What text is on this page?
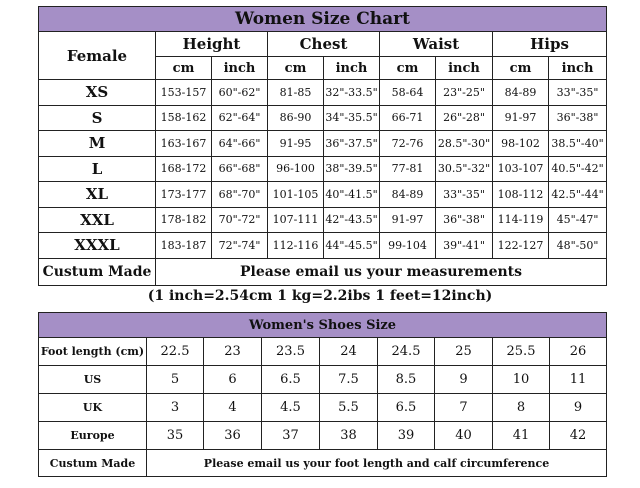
Women Size Chart								
Female	Height		Chest		Waist		Hips	
	cm	inch	cm	inch	cm	inch	cm	inch
XS	153-157	60"-62"	81-85	32"-33.5"	58-64	23"-25"	84-89	33"-35"
S	158-162	62"-64"	86-90	34"-35.5"	66-71	26"-28"	91-97	36"-38"
M	163-167	64"-66"	91-95	36"-37.5"	72-76	28.5"-30"	98-102	38.5"-40"
L	168-172	66"-68"	96-100	38"-39.5"	77-81	30.5"-32"	103-107	40.5"-42"
XL	173-177	68"-70"	101-105	40"-41.5"	84-89	33"-35"	108-112	42.5"-44"
XXL	178-182	70"-72"	107-111	42"-43.5"	91-97	36"-38"	114-119	45"-47"
XXXL	183-187	72"-74"	112-116	44"-45.5"	99-104	39"-41"	122-127	48"-50"
Custum Made	Please email us your measurements							
(1 inch=2.54cm 1 kg=2.2ibs 1 feet=12inch)
Women's Shoes Size								
Foot length (cm)	22.5	23	23.5	24	24.5	25	25.5	26
US	5	6	6.5	7.5	8.5	9	10	11
UK	3	4	4.5	5.5	6.5	7	8	9
Europe	35	36	37	38	39	40	41	42
Custum Made	Please email us your foot length and calf circumference							
